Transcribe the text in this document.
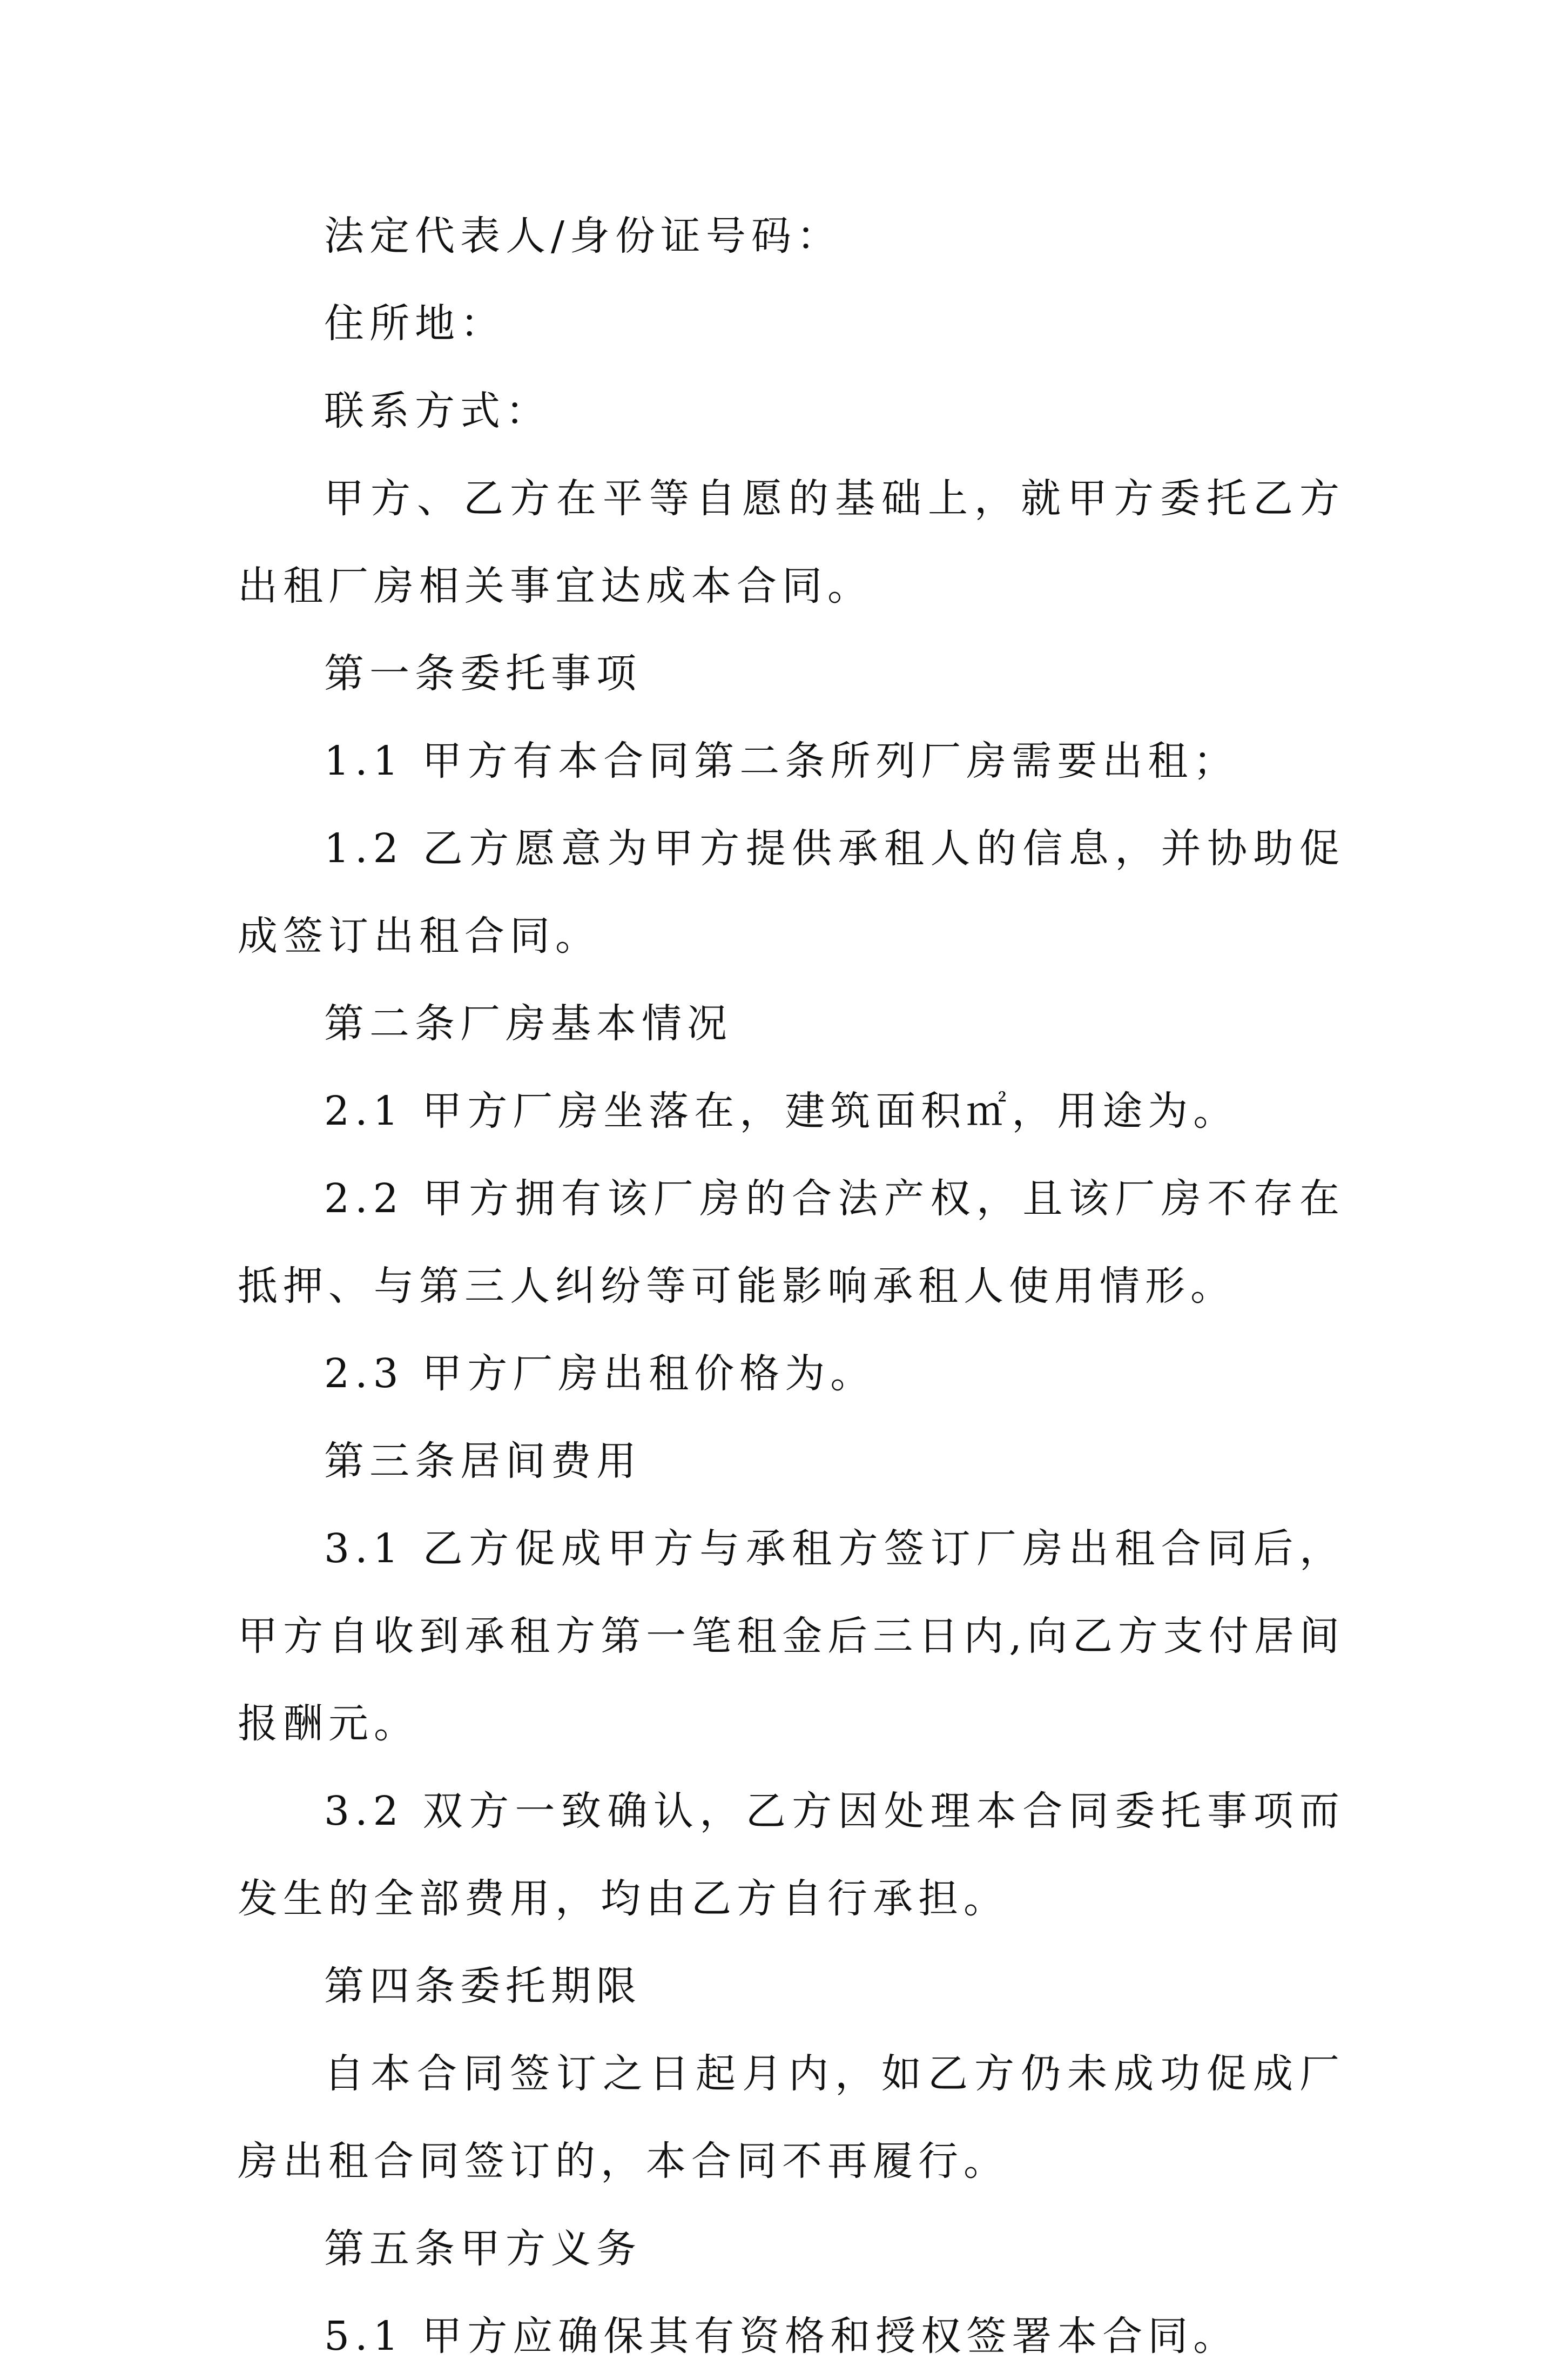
法定代表人/身份证号码：

住所地：

联系方式：

甲方、乙方在平等自愿的基础上，就甲方委托乙方出租厂房相关事宜达成本合同。

第一条委托事项

1.1 甲方有本合同第二条所列厂房需要出租；

1.2 乙方愿意为甲方提供承租人的信息，并协助促成签订出租合同。

第二条厂房基本情况

2.1 甲方厂房坐落在，建筑面积㎡，用途为。

2.2 甲方拥有该厂房的合法产权，且该厂房不存在抵押、与第三人纠纷等可能影响承租人使用情形。

2.3 甲方厂房出租价格为。

第三条居间费用

3.1 乙方促成甲方与承租方签订厂房出租合同后，甲方自收到承租方第一笔租金后三日内,向乙方支付居间报酬元。

3.2 双方一致确认，乙方因处理本合同委托事项而发生的全部费用，均由乙方自行承担。

第四条委托期限

自本合同签订之日起月内，如乙方仍未成功促成厂房出租合同签订的，本合同不再履行。

第五条甲方义务

5.1 甲方应确保其有资格和授权签署本合同。
